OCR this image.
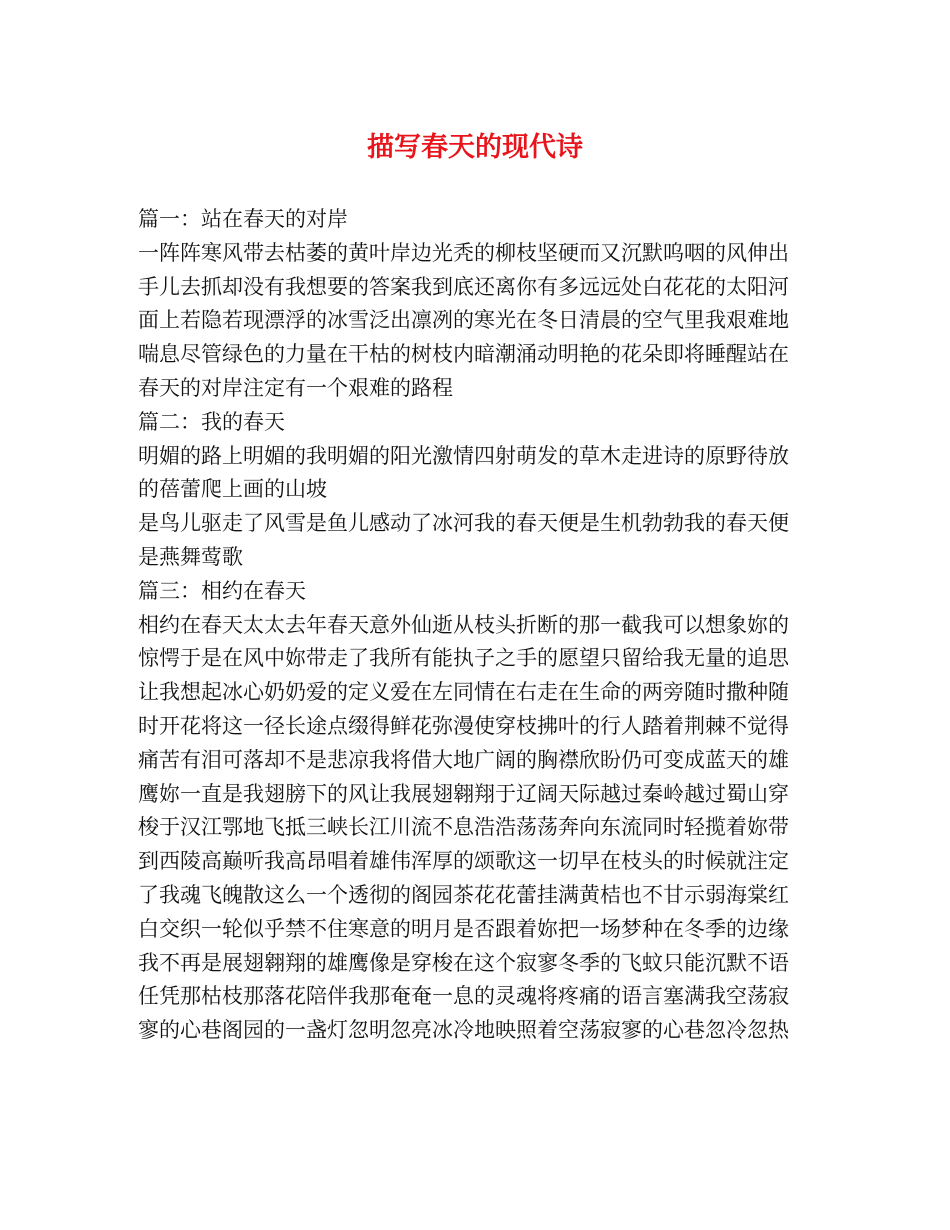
描写春天的现代诗
篇一：站在春天的对岸
一阵阵寒风带去枯萎的黄叶岸边光秃的柳枝坚硬而又沉默呜咽的风伸出
手儿去抓却没有我想要的答案我到底还离你有多远远处白花花的太阳河
面上若隐若现漂浮的冰雪泛出凛冽的寒光在冬日清晨的空气里我艰难地
喘息尽管绿色的力量在干枯的树枝内暗潮涌动明艳的花朵即将睡醒站在
春天的对岸注定有一个艰难的路程
篇二：我的春天
明媚的路上明媚的我明媚的阳光激情四射萌发的草木走进诗的原野待放
的蓓蕾爬上画的山坡
是鸟儿驱走了风雪是鱼儿感动了冰河我的春天便是生机勃勃我的春天便
是燕舞莺歌
篇三：相约在春天
相约在春天太太去年春天意外仙逝从枝头折断的那一截我可以想象妳的
惊愕于是在风中妳带走了我所有能执子之手的愿望只留给我无量的追思
让我想起冰心奶奶爱的定义爱在左同情在右走在生命的两旁随时撒种随
时开花将这一径长途点缀得鲜花弥漫使穿枝拂叶的行人踏着荆棘不觉得
痛苦有泪可落却不是悲凉我将借大地广阔的胸襟欣盼仍可变成蓝天的雄
鹰妳一直是我翅膀下的风让我展翅翱翔于辽阔天际越过秦岭越过蜀山穿
梭于汉江鄂地飞抵三峡长江川流不息浩浩荡荡奔向东流同时轻揽着妳带
到西陵高巅听我高昂唱着雄伟浑厚的颂歌这一切早在枝头的时候就注定
了我魂飞魄散这么一个透彻的阁园茶花花蕾挂满黄桔也不甘示弱海棠红
白交织一轮似乎禁不住寒意的明月是否跟着妳把一场梦种在冬季的边缘
我不再是展翅翱翔的雄鹰像是穿梭在这个寂寥冬季的飞蚊只能沉默不语
任凭那枯枝那落花陪伴我那奄奄一息的灵魂将疼痛的语言塞满我空荡寂
寥的心巷阁园的一盏灯忽明忽亮冰冷地映照着空荡寂寥的心巷忽冷忽热
